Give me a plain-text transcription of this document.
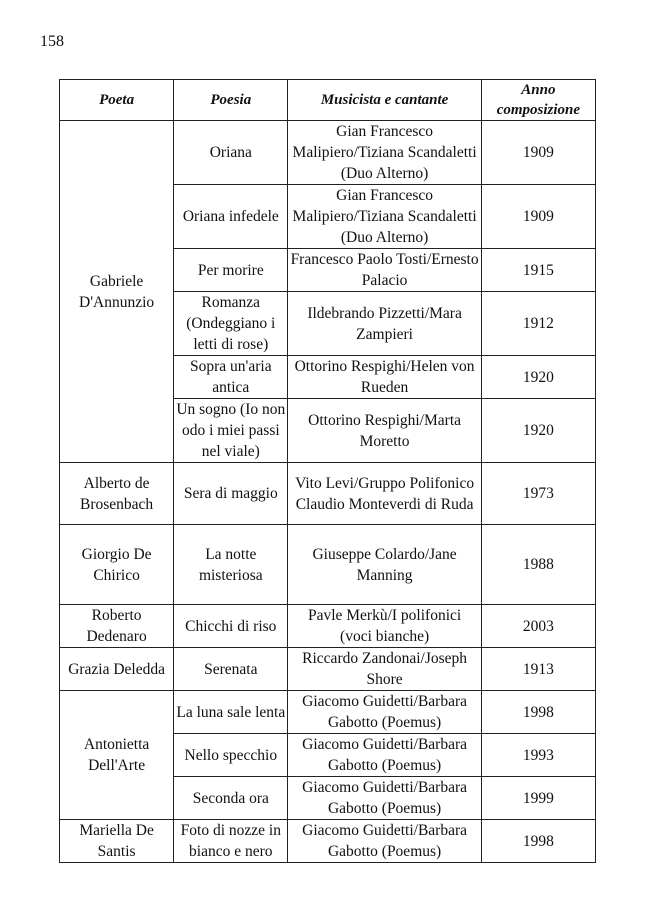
158
Poeta	Poesia	Musicista e cantante	Anno composizione
Gabriele D'Annunzio	Oriana	Gian Francesco Malipiero/Tiziana Scandaletti (Duo Alterno)	1909
	Oriana infedele	Gian Francesco Malipiero/Tiziana Scandaletti (Duo Alterno)	1909
	Per morire	Francesco Paolo Tosti/Ernesto Palacio	1915
	Romanza (Ondeggiano i letti di rose)	Ildebrando Pizzetti/Mara Zampieri	1912
	Sopra un'aria antica	Ottorino Respighi/Helen von Rueden	1920
	Un sogno (Io non odo i miei passi nel viale)	Ottorino Respighi/Marta Moretto	1920
Alberto de Brosenbach	Sera di maggio	Vito Levi/Gruppo Polifonico Claudio Monteverdi di Ruda	1973
Giorgio De Chirico	La notte misteriosa	Giuseppe Colardo/Jane Manning	1988
Roberto Dedenaro	Chicchi di riso	Pavle Merkù/I polifonici (voci bianche)	2003
Grazia Deledda	Serenata	Riccardo Zandonai/Joseph Shore	1913
Antonietta Dell'Arte	La luna sale lenta	Giacomo Guidetti/Barbara Gabotto (Poemus)	1998
	Nello specchio	Giacomo Guidetti/Barbara Gabotto (Poemus)	1993
	Seconda ora	Giacomo Guidetti/Barbara Gabotto (Poemus)	1999
Mariella De Santis	Foto di nozze in bianco e nero	Giacomo Guidetti/Barbara Gabotto (Poemus)	1998
